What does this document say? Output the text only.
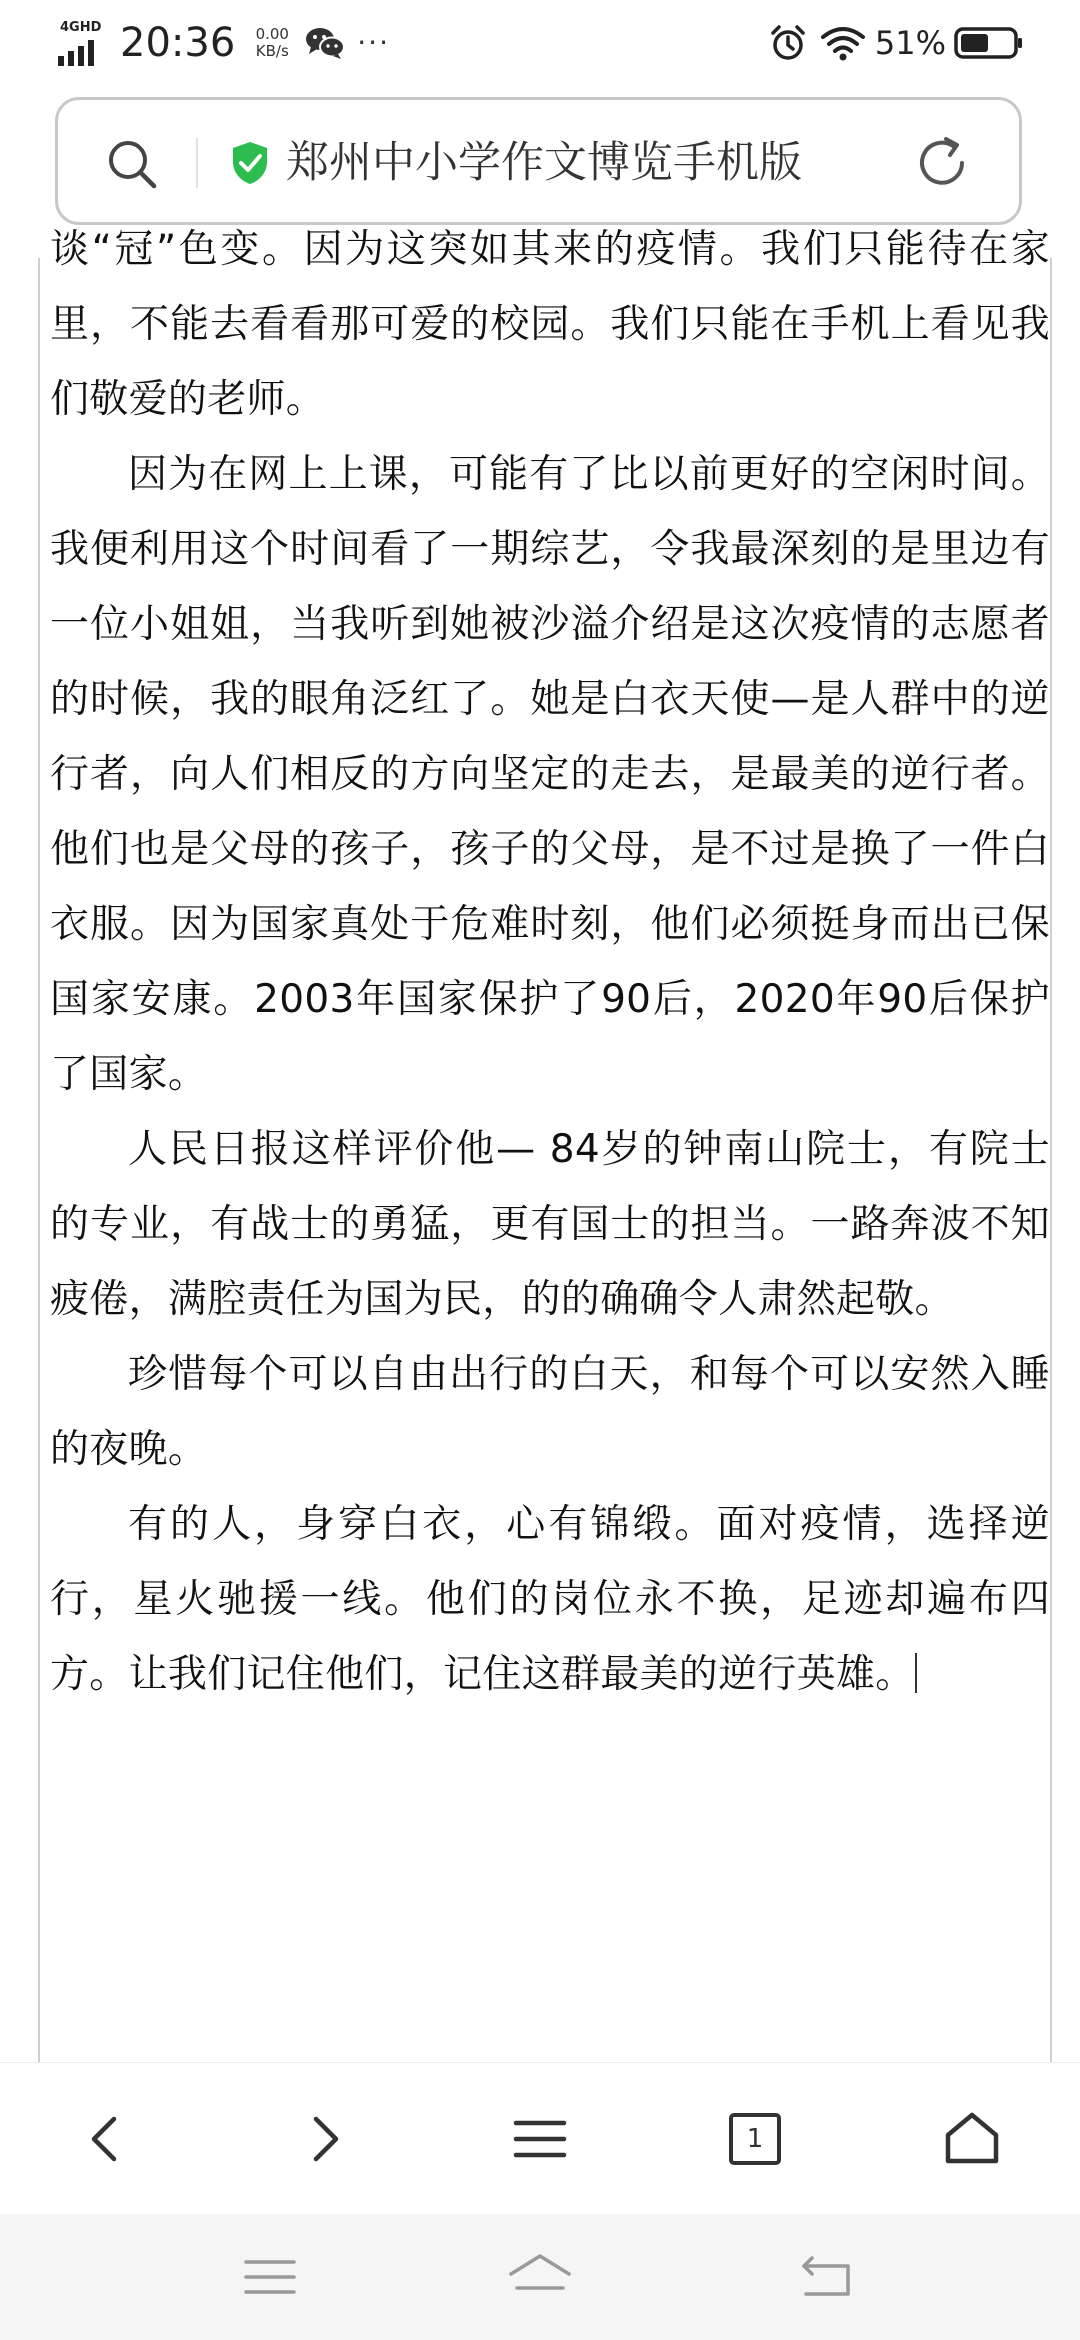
4GHD 20:36	0.00
KB/s	···	51%
郑州中小学作文博览手机版

谈“冠”色变。因为这突如其来的疫情。我们只能待在家里，不能去看看那可爱的校园。我们只能在手机上看见我们敬爱的老师。

因为在网上上课，可能有了比以前更好的空闲时间。我便利用这个时间看了一期综艺，令我最深刻的是里边有一位小姐姐，当我听到她被沙溢介绍是这次疫情的志愿者的时候，我的眼角泛红了。她是白衣天使—是人群中的逆行者，向人们相反的方向坚定的走去，是最美的逆行者。他们也是父母的孩子，孩子的父母，是不过是换了一件白衣服。因为国家真处于危难时刻，他们必须挺身而出已保国家安康。2003年国家保护了90后，2020年90后保护了国家。

人民日报这样评价他— 84岁的钟南山院士，有院士的专业，有战士的勇猛，更有国士的担当。一路奔波不知疲倦，满腔责任为国为民，的的确确令人肃然起敬。

珍惜每个可以自由出行的白天，和每个可以安然入睡的夜晚。

有的人，身穿白衣，心有锦缎。面对疫情，选择逆行，星火驰援一线。他们的岗位永不换，足迹却遍布四方。让我们记住他们，记住这群最美的逆行英雄。

1
